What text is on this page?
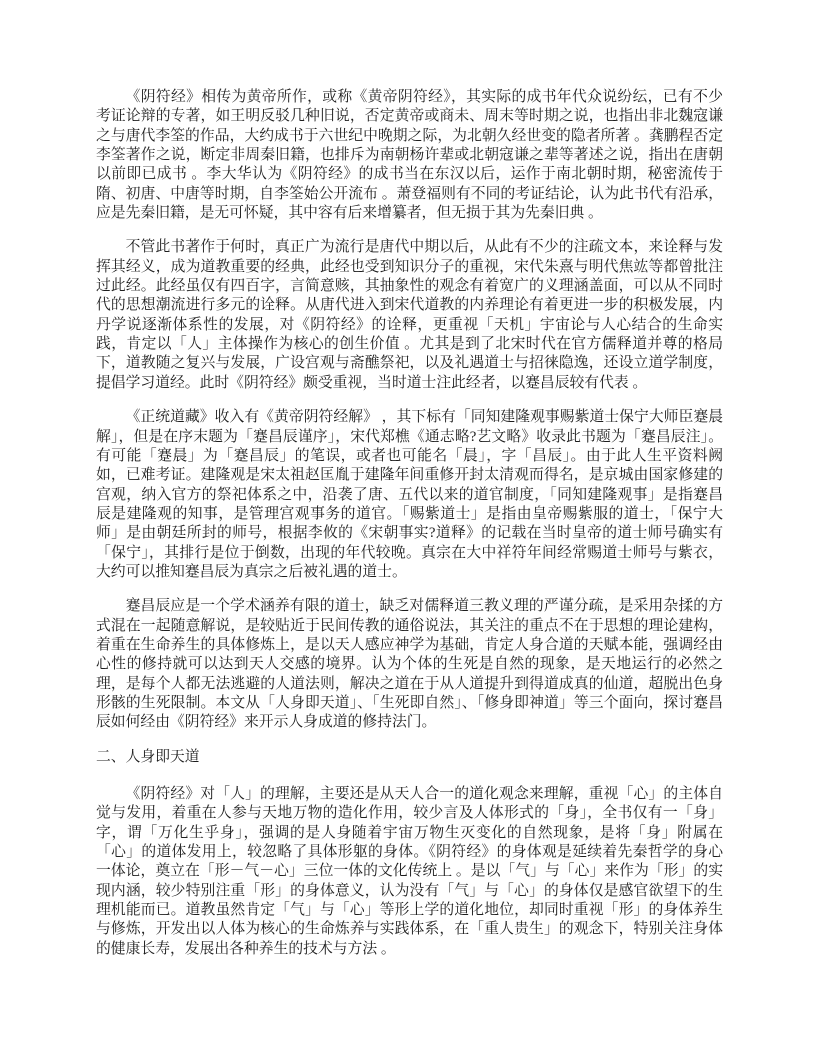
《阴符经》相传为黄帝所作，或称《黄帝阴符经》，其实际的成书年代众说纷纭，已有不少考证论辩的专著，如王明反驳几种旧说，否定黄帝或商未、周末等时期之说，也指出非北魏寇谦之与唐代李筌的作品，大约成书于六世纪中晚期之际，为北朝久经世变的隐者所著 。龚鹏程否定李筌著作之说，断定非周秦旧籍，也排斥为南朝杨许辈或北朝寇谦之辈等著述之说，指出在唐朝以前即已成书 。李大华认为《阴符经》的成书当在东汉以后，运作于南北朝时期，秘密流传于隋、初唐、中唐等时期，自李筌始公开流布 。萧登福则有不同的考证结论，认为此书代有沿承，应是先秦旧籍，是无可怀疑，其中容有后来增纂者，但无损于其为先秦旧典 。

不管此书著作于何时，真正广为流行是唐代中期以后，从此有不少的注疏文本，来诠释与发挥其经义，成为道教重要的经典，此经也受到知识分子的重视，宋代朱熹与明代焦竑等都曾批注过此经。此经虽仅有四百字，言简意赅，其抽象性的观念有着宽广的义理涵盖面，可以从不同时代的思想潮流进行多元的诠释。从唐代进入到宋代道教的内养理论有着更进一步的积极发展，内丹学说逐渐体系性的发展，对《阴符经》的诠释，更重视「天机」宇宙论与人心结合的生命实践，肯定以「人」主体操作为核心的创生价值 。尤其是到了北宋时代在官方儒释道并尊的格局下，道教随之复兴与发展，广设宫观与斋醮祭祀，以及礼遇道士与招徕隐逸，还设立道学制度，提倡学习道经。此时《阴符经》颇受重视，当时道士注此经者，以蹇昌辰较有代表 。

《正统道藏》收入有《黄帝阴符经解》 ，其下标有「同知建隆观事赐紫道士保宁大师臣蹇晨解」，但是在序末题为「蹇昌辰谨序」，宋代郑樵《通志略?艺文略》收录此书题为「蹇昌辰注」。有可能「蹇晨」为「蹇昌辰」的笔误，或者也可能名「晨」，字「昌辰」。由于此人生平资料阙如，已难考证。建隆观是宋太祖赵匡胤于建隆年间重修开封太清观而得名，是京城由国家修建的宫观，纳入官方的祭祀体系之中，沿袭了唐、五代以来的道官制度，「同知建隆观事」是指蹇昌辰是建隆观的知事，是管理宫观事务的道官。「赐紫道士」是指由皇帝赐紫服的道士，「保宁大师」是由朝廷所封的师号，根据李攸的《宋朝事实?道释》的记载在当时皇帝的道士师号确实有「保宁」，其排行是位于倒数，出现的年代较晚。真宗在大中祥符年间经常赐道士师号与紫衣，大约可以推知蹇昌辰为真宗之后被礼遇的道士。

蹇昌辰应是一个学术涵养有限的道士，缺乏对儒释道三教义理的严谨分疏，是采用杂揉的方式混在一起随意解说，是较贴近于民间传教的通俗说法，其关注的重点不在于思想的理论建构，着重在生命养生的具体修炼上，是以天人感应神学为基础，肯定人身合道的天赋本能，强调经由心性的修持就可以达到天人交感的境界。认为个体的生死是自然的现象，是天地运行的必然之理，是每个人都无法逃避的人道法则，解决之道在于从人道提升到得道成真的仙道，超脱出色身形骸的生死限制。本文从「人身即天道」、「生死即自然」、「修身即神道」等三个面向，探讨蹇昌辰如何经由《阴符经》来开示人身成道的修持法门。

二、人身即天道

《阴符经》对「人」的理解，主要还是从天人合一的道化观念来理解，重视「心」的主体自觉与发用，着重在人参与天地万物的造化作用，较少言及人体形式的「身」，全书仅有一「身」字，谓「万化生乎身」，强调的是人身随着宇宙万物生灭变化的自然现象，是将「身」附属在「心」的道体发用上，较忽略了具体形躯的身体。《阴符经》的身体观是延续着先秦哲学的身心一体论，奠立在「形－气－心」三位一体的文化传统上 。是以「气」与「心」来作为「形」的实现内涵，较少特别注重「形」的身体意义，认为没有「气」与「心」的身体仅是感官欲望下的生理机能而已。道教虽然肯定「气」与「心」等形上学的道化地位，却同时重视「形」的身体养生与修炼，开发出以人体为核心的生命炼养与实践体系，在「重人贵生」的观念下，特别关注身体的健康长寿，发展出各种养生的技术与方法 。
